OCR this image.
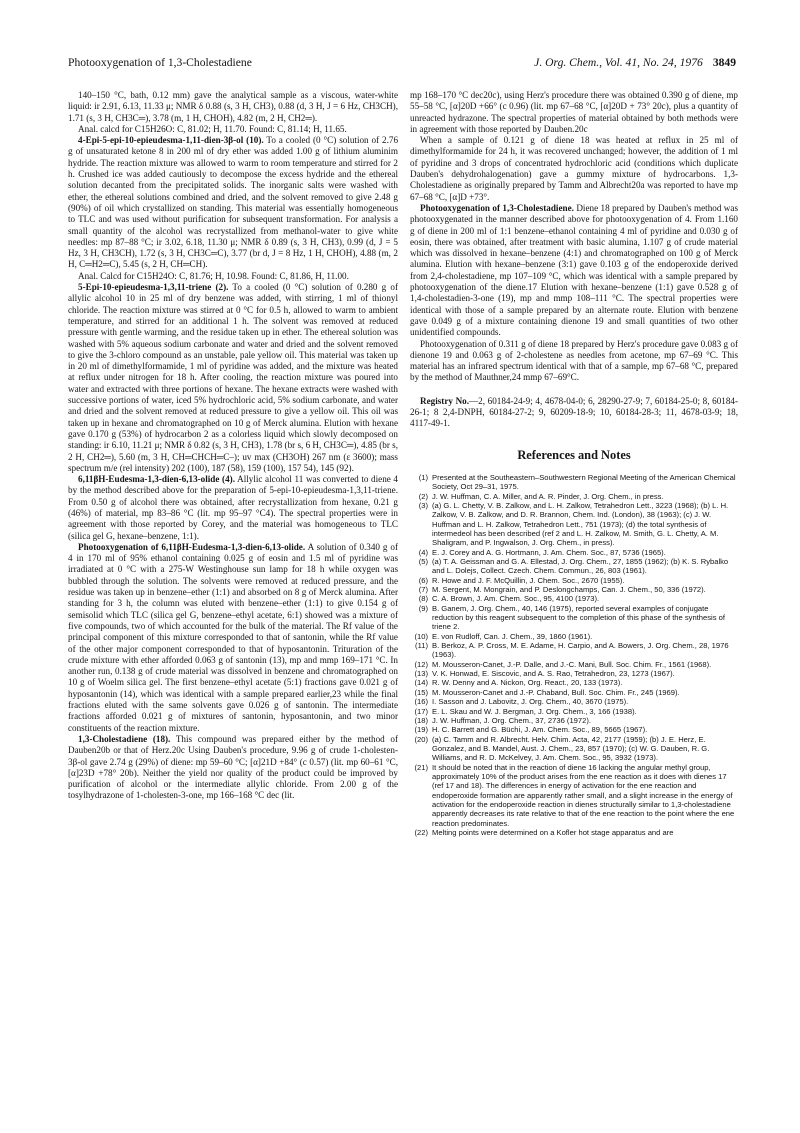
Photooxygenation of 1,3-Cholestadiene	J. Org. Chem., Vol. 41, No. 24, 1976 3849

140–150 °C, bath, 0.12 mm) gave the analytical sample as a viscous, water-white liquid: ir 2.91, 6.13, 11.33 μ; NMR δ 0.88 (s, 3 H, CH3), 0.88 (d, 3 H, J = 6 Hz, CH3CH), 1.71 (s, 3 H, CH3C═), 3.78 (m, 1 H, CHOH), 4.82 (m, 2 H, CH2═).

Anal. calcd for C15H26O: C, 81.02; H, 11.70. Found: C, 81.14; H, 11.65.

4-Epi-5-epi-10-epieudesma-1,11-dien-3β-ol (10). To a cooled (0 °C) solution of 2.76 g of unsaturated ketone 8 in 200 ml of dry ether was added 1.00 g of lithium aluminim hydride. The reaction mixture was allowed to warm to room temperature and stirred for 2 h. Crushed ice was added cautiously to decompose the excess hydride and the ethereal solution decanted from the precipitated solids. The inorganic salts were washed with ether, the ethereal solutions combined and dried, and the solvent removed to give 2.48 g (90%) of oil which crystallized on standing. This material was essentially homogeneous to TLC and was used without purification for subsequent transformation. For analysis a small quantity of the alcohol was recrystallized from methanol-water to give white needles: mp 87–88 °C; ir 3.02, 6.18, 11.30 μ; NMR δ 0.89 (s, 3 H, CH3), 0.99 (d, J = 5 Hz, 3 H, CH3CH), 1.72 (s, 3 H, CH3C═C), 3.77 (br d, J = 8 Hz, 1 H, CHOH), 4.88 (m, 2 H, C═H2═C), 5.45 (s, 2 H, CH═CH).

Anal. Calcd for C15H24O: C, 81.76; H, 10.98. Found: C, 81.86, H, 11.00.

5-Epi-10-epieudesma-1,3,11-triene (2). To a cooled (0 °C) solution of 0.280 g of allylic alcohol 10 in 25 ml of dry benzene was added, with stirring, 1 ml of thionyl chloride. The reaction mixture was stirred at 0 °C for 0.5 h, allowed to warm to ambient temperature, and stirred for an additional 1 h. The solvent was removed at reduced pressure with gentle warming, and the residue taken up in ether. The ethereal solution was washed with 5% aqueous sodium carbonate and water and dried and the solvent removed to give the 3-chloro compound as an unstable, pale yellow oil. This material was taken up in 20 ml of dimethylformamide, 1 ml of pyridine was added, and the mixture was heated at reflux under nitrogen for 18 h. After cooling, the reaction mixture was poured into water and extracted with three portions of hexane. The hexane extracts were washed with successive portions of water, iced 5% hydrochloric acid, 5% sodium carbonate, and water and dried and the solvent removed at reduced pressure to give a yellow oil. This oil was taken up in hexane and chromatographed on 10 g of Merck alumina. Elution with hexane gave 0.170 g (53%) of hydrocarbon 2 as a colorless liquid which slowly decomposed on standing: ir 6.10, 11.21 μ; NMR δ 0.82 (s, 3 H, CH3), 1.78 (br s, 6 H, CH3C═), 4.85 (br s, 2 H, CH2═), 5.60 (m, 3 H, CH═CHCH═C–); uv max (CH3OH) 267 nm (ε 3600); mass spectrum m/e (rel intensity) 202 (100), 187 (58), 159 (100), 157 54), 145 (92).

6,11βH-Eudesma-1,3-dien-6,13-olide (4). Allylic alcohol 11 was converted to diene 4 by the method described above for the preparation of 5-epi-10-epieudesma-1,3,11-triene. From 0.50 g of alcohol there was obtained, after recrystallization from hexane, 0.21 g (46%) of material, mp 83–86 °C (lit. mp 95–97 °C4). The spectral properties were in agreement with those reported by Corey, and the material was homogeneous to TLC (silica gel G, hexane–benzene, 1:1).

Photooxygenation of 6,11βH-Eudesma-1,3-dien-6,13-olide. A solution of 0.340 g of 4 in 170 ml of 95% ethanol containing 0.025 g of eosin and 1.5 ml of pyridine was irradiated at 0 °C with a 275-W Westinghouse sun lamp for 18 h while oxygen was bubbled through the solution. The solvents were removed at reduced pressure, and the residue was taken up in benzene–ether (1:1) and absorbed on 8 g of Merck alumina. After standing for 3 h, the column was eluted with benzene–ether (1:1) to give 0.154 g of semisolid which TLC (silica gel G, benzene–ethyl acetate, 6:1) showed was a mixture of five compounds, two of which accounted for the bulk of the material. The Rf value of the principal component of this mixture corresponded to that of santonin, while the Rf value of the other major component corresponded to that of hyposantonin. Trituration of the crude mixture with ether afforded 0.063 g of santonin (13), mp and mmp 169–171 °C. In another run, 0.138 g of crude material was dissolved in benzene and chromatographed on 10 g of Woelm silica gel. The first benzene–ethyl acetate (5:1) fractions gave 0.021 g of hyposantonin (14), which was identical with a sample prepared earlier,23 while the final fractions eluted with the same solvents gave 0.026 g of santonin. The intermediate fractions afforded 0.021 g of mixtures of santonin, hyposantonin, and two minor constituents of the reaction mixture.

1,3-Cholestadiene (18). This compound was prepared either by the method of Dauben20b or that of Herz.20c Using Dauben's procedure, 9.96 g of crude 1-cholesten-3β-ol gave 2.74 g (29%) of diene: mp 59–60 °C; [α]21D +84° (c 0.57) (lit. mp 60–61 °C, [α]23D +78° 20b). Neither the yield nor quality of the product could be improved by purification of alcohol or the intermediate allylic chloride. From 2.00 g of the tosylhydrazone of 1-cholesten-3-one, mp 166–168 °C dec (lit.

mp 168–170 °C dec20c), using Herz's procedure there was obtained 0.390 g of diene, mp 55–58 °C, [α]20D +66° (c 0.96) (lit. mp 67–68 °C, [α]20D + 73° 20c), plus a quantity of unreacted hydrazone. The spectral properties of material obtained by both methods were in agreement with those reported by Dauben.20c

When a sample of 0.121 g of diene 18 was heated at reflux in 25 ml of dimethylformamide for 24 h, it was recovered unchanged; however, the addition of 1 ml of pyridine and 3 drops of concentrated hydrochloric acid (conditions which duplicate Dauben's dehydrohalogenation) gave a gummy mixture of hydrocarbons. 1,3-Cholestadiene as originally prepared by Tamm and Albrecht20a was reported to have mp 67–68 °C, [α]D +73°.

Photooxygenation of 1,3-Cholestadiene. Diene 18 prepared by Dauben's method was photooxygenated in the manner described above for photooxygenation of 4. From 1.160 g of diene in 200 ml of 1:1 benzene–ethanol containing 4 ml of pyridine and 0.030 g of eosin, there was obtained, after treatment with basic alumina, 1.107 g of crude material which was dissolved in hexane–benzene (4:1) and chromatographed on 100 g of Merck alumina. Elution with hexane–benzene (3:1) gave 0.103 g of the endoperoxide derived from 2,4-cholestadiene, mp 107–109 °C, which was identical with a sample prepared by photooxygenation of the diene.17 Elution with hexane–benzene (1:1) gave 0.528 g of 1,4-cholestadien-3-one (19), mp and mmp 108–111 °C. The spectral properties were identical with those of a sample prepared by an alternate route. Elution with benzene gave 0.049 g of a mixture containing dienone 19 and small quantities of two other unidentified compounds.

Photooxygenation of 0.311 g of diene 18 prepared by Herz's procedure gave 0.083 g of dienone 19 and 0.063 g of 2-cholestene as needles from acetone, mp 67–69 °C. This material has an infrared spectrum identical with that of a sample, mp 67–68 °C, prepared by the method of Mauthner,24 mmp 67–69°C.

Registry No.—2, 60184-24-9; 4, 4678-04-0; 6, 28290-27-9; 7, 60184-25-0; 8, 60184-26-1; 8 2,4-DNPH, 60184-27-2; 9, 60209-18-9; 10, 60184-28-3; 11, 4678-03-9; 18, 4117-49-1.

References and Notes
(1) Presented at the Southeastern–Southwestern Regional Meeting of the American Chemical Society, Oct 29–31, 1975.
(2) J. W. Huffman, C. A. Miller, and A. R. Pinder, J. Org. Chem., in press.
(3) (a) G. L. Chetty, V. B. Zalkow, and L. H. Zalkow, Tetrahedron Lett., 3223 (1968); (b) L. H. Zalkow, V. B. Zalkow, and D. R. Brannon, Chem. Ind. (London), 38 (1963); (c) J. W. Huffman and L. H. Zalkow, Tetrahedron Lett., 751 (1973); (d) the total synthesis of intermedeol has been described (ref 2 and L. H. Zalkow, M. Smith, G. L. Chetty, A. M. Shaligram, and P. Ingwalson, J. Org. Chem., in press).
(4) E. J. Corey and A. G. Hortmann, J. Am. Chem. Soc., 87, 5736 (1965).
(5) (a) T. A. Geissman and G. A. Ellestad, J. Org. Chem., 27, 1855 (1962); (b) K. S. Rybalko and L. Dolejs, Collect. Czech. Chem. Commun., 26, 803 (1961).
(6) R. Howe and J. F. McQuillin, J. Chem. Soc., 2670 (1955).
(7) M. Sergent, M. Mongrain, and P. Deslongchamps, Can. J. Chem., 50, 336 (1972).
(8) C. A. Brown, J. Am. Chem. Soc., 95, 4100 (1973).
(9) B. Ganem, J. Org. Chem., 40, 146 (1975), reported several examples of conjugate reduction by this reagent subsequent to the completion of this phase of the synthesis of triene 2.
(10) E. von Rudloff, Can. J. Chem., 39, 1860 (1961).
(11) B. Berkoz, A. P. Cross, M. E. Adame, H. Carpio, and A. Bowers, J. Org. Chem., 28, 1976 (1963).
(12) M. Mousseron-Canet, J.-P. Dalle, and J.-C. Mani, Bull. Soc. Chim. Fr., 1561 (1968).
(13) V. K. Honwad, E. Siscovic, and A. S. Rao, Tetrahedron, 23, 1273 (1967).
(14) R. W. Denny and A. Nickon, Org. React., 20, 133 (1973).
(15) M. Mousseron-Canet and J.-P. Chaband, Bull. Soc. Chim. Fr., 245 (1969).
(16) I. Sasson and J. Labovitz, J. Org. Chem., 40, 3670 (1975).
(17) E. L. Skau and W. J. Bergman, J. Org. Chem., 3, 166 (1938).
(18) J. W. Huffman, J. Org. Chem., 37, 2736 (1972).
(19) H. C. Barrett and G. Büchi, J. Am. Chem. Soc., 89, 5665 (1967).
(20) (a) C. Tamm and R. Albrecht. Helv. Chim. Acta, 42, 2177 (1959); (b) J. E. Herz, E. Gonzalez, and B. Mandel, Aust. J. Chem., 23, 857 (1970); (c) W. G. Dauben, R. G. Williams, and R. D. McKelvey, J. Am. Chem. Soc., 95, 3932 (1973).
(21) It should be noted that in the reaction of diene 16 lacking the angular methyl group, approximately 10% of the product arises from the ene reaction as it does with dienes 17 (ref 17 and 18). The differences in energy of activation for the ene reaction and endoperoxide formation are apparently rather small, and a slight increase in the energy of activation for the endoperoxide reaction in dienes structurally similar to 1,3-cholestadiene apparently decreases its rate relative to that of the ene reaction to the point where the ene reaction predominates.
(22) Melting points were determined on a Kofler hot stage apparatus and are
